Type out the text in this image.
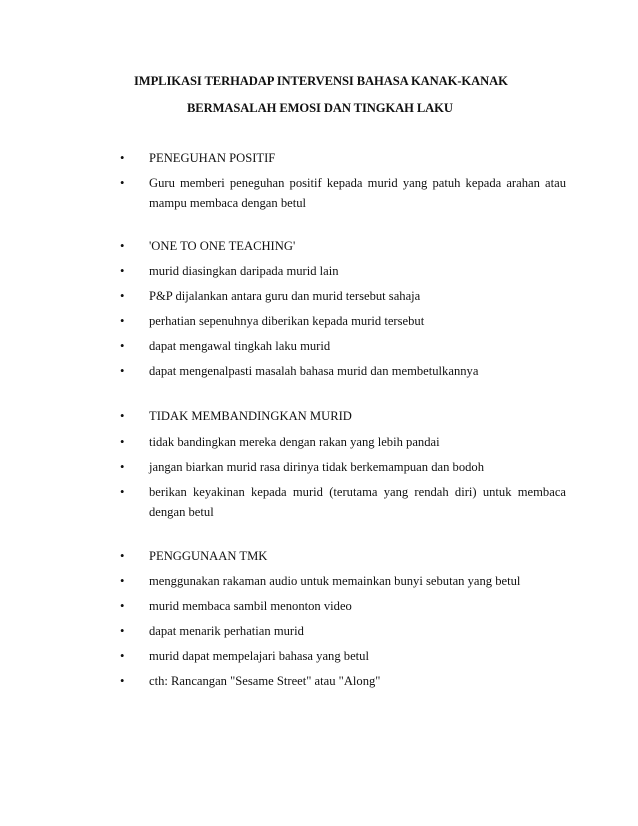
IMPLIKASI TERHADAP INTERVENSI BAHASA KANAK-KANAK
BERMASALAH EMOSI DAN TINGKAH LAKU
•	PENEGUHAN POSITIF
•	Guru memberi peneguhan positif kepada murid yang patuh kepada arahan atau mampu membaca dengan betul
•	'ONE TO ONE TEACHING'
•	murid diasingkan daripada murid lain
•	P&P dijalankan antara guru dan murid tersebut sahaja
•	perhatian sepenuhnya diberikan kepada murid tersebut
•	dapat mengawal tingkah laku murid
•	dapat mengenalpasti masalah bahasa murid dan membetulkannya
•	TIDAK MEMBANDINGKAN MURID
•	tidak bandingkan mereka dengan rakan yang lebih pandai
•	jangan biarkan murid rasa dirinya tidak berkemampuan dan bodoh
•	berikan keyakinan kepada murid (terutama yang rendah diri) untuk membaca dengan betul
•	PENGGUNAAN TMK
•	menggunakan rakaman audio untuk memainkan bunyi sebutan yang betul
•	murid membaca sambil menonton video
•	dapat menarik perhatian murid
•	murid dapat mempelajari bahasa yang betul
•	cth: Rancangan "Sesame Street" atau "Along"
